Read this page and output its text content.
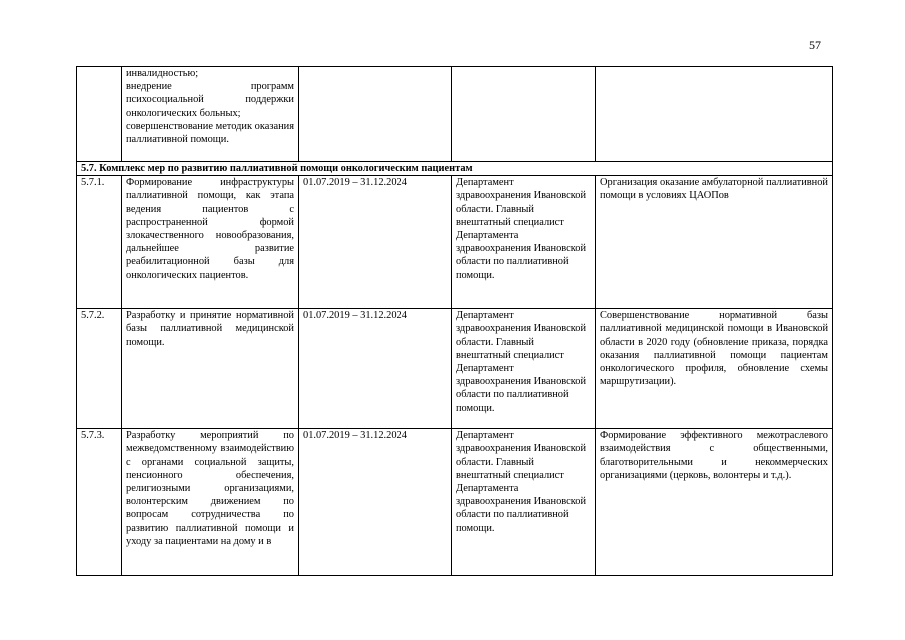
57
	инвалидностью;
внедрение программ психосоциальной поддержки онкологических больных;
совершенствование методик оказания паллиативной помощи.			
5.7. Комплекс мер по развитию паллиативной помощи онкологическим пациентам				
5.7.1.	Формирование инфраструктуры паллиативной помощи, как этапа ведения пациентов с распространенной формой злокачественного новообразования, дальнейшее развитие реабилитационной базы для онкологических пациентов.	01.07.2019 – 31.12.2024	Департамент здравоохранения Ивановской области. Главный внештатный специалист Департамента здравоохранения Ивановской области по паллиативной помощи.	Организация оказание амбулаторной паллиативной помощи в условиях ЦАОПов
5.7.2.	Разработку и принятие нормативной базы паллиативной медицинской помощи.	01.07.2019 – 31.12.2024	Департамент здравоохранения Ивановской области. Главный внештатный специалист Департамент здравоохранения Ивановской области по паллиативной помощи.	Совершенствование нормативной базы паллиативной медицинской помощи в Ивановской области в 2020 году (обновление приказа, порядка оказания паллиативной помощи пациентам онкологического профиля, обновление схемы маршрутизации).
5.7.3.	Разработку мероприятий по межведомственному взаимодействию с органами социальной защиты, пенсионного обеспечения, религиозными организациями, волонтерским движением по вопросам сотрудничества по развитию паллиативной помощи и уходу за пациентами на дому и в	01.07.2019 – 31.12.2024	Департамент здравоохранения Ивановской области. Главный внештатный специалист Департамента здравоохранения Ивановской области по паллиативной помощи.	Формирование эффективного межотраслевого взаимодействия с общественными, благотворительными и некоммерческих организациями (церковь, волонтеры и т.д.).
